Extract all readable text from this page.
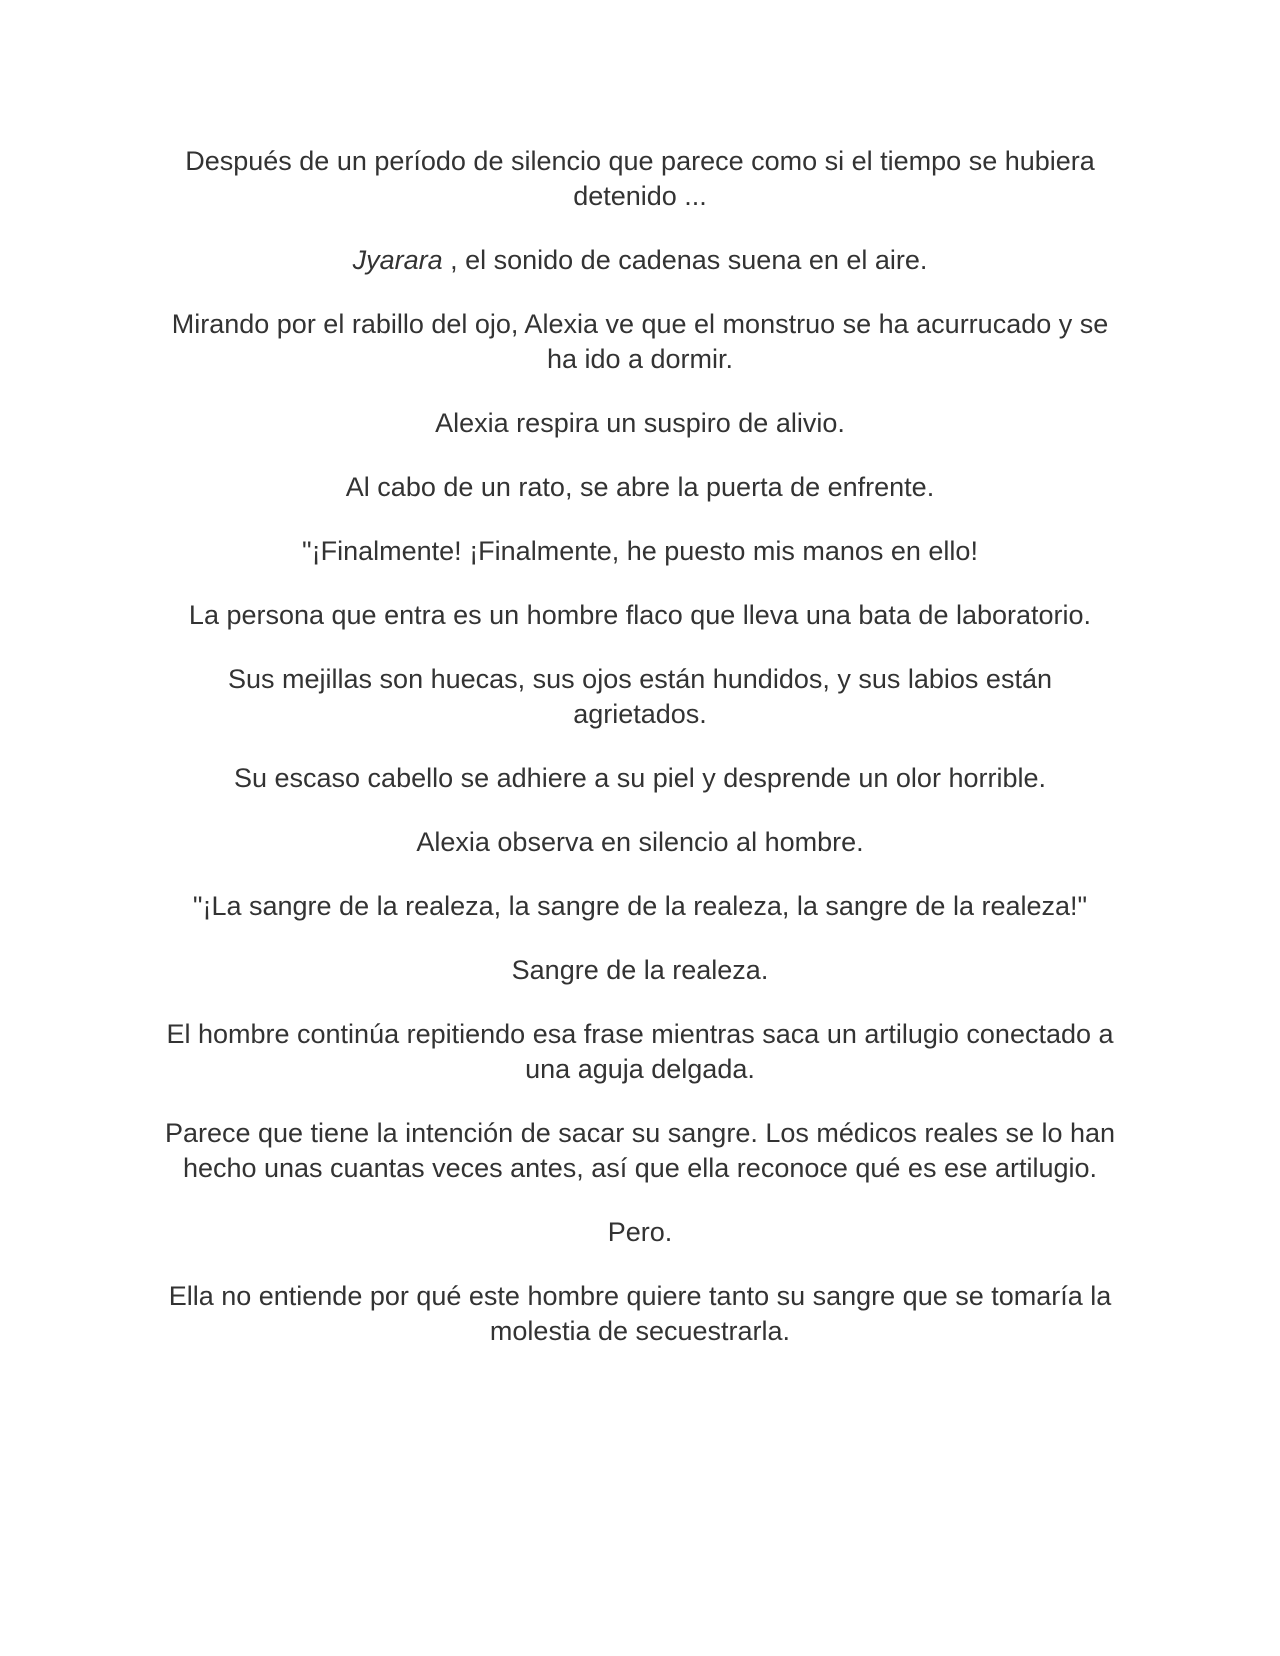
Después de un período de silencio que parece como si el tiempo se hubiera detenido ...

Jyarara , el sonido de cadenas suena en el aire.

Mirando por el rabillo del ojo, Alexia ve que el monstruo se ha acurrucado y se ha ido a dormir.

Alexia respira un suspiro de alivio.

Al cabo de un rato, se abre la puerta de enfrente.

"¡Finalmente! ¡Finalmente, he puesto mis manos en ello!

La persona que entra es un hombre flaco que lleva una bata de laboratorio.

Sus mejillas son huecas, sus ojos están hundidos, y sus labios están agrietados.

Su escaso cabello se adhiere a su piel y desprende un olor horrible.

Alexia observa en silencio al hombre.

"¡La sangre de la realeza, la sangre de la realeza, la sangre de la realeza!"

Sangre de la realeza.

El hombre continúa repitiendo esa frase mientras saca un artilugio conectado a una aguja delgada.

Parece que tiene la intención de sacar su sangre. Los médicos reales se lo han hecho unas cuantas veces antes, así que ella reconoce qué es ese artilugio.

Pero.

Ella no entiende por qué este hombre quiere tanto su sangre que se tomaría la molestia de secuestrarla.
